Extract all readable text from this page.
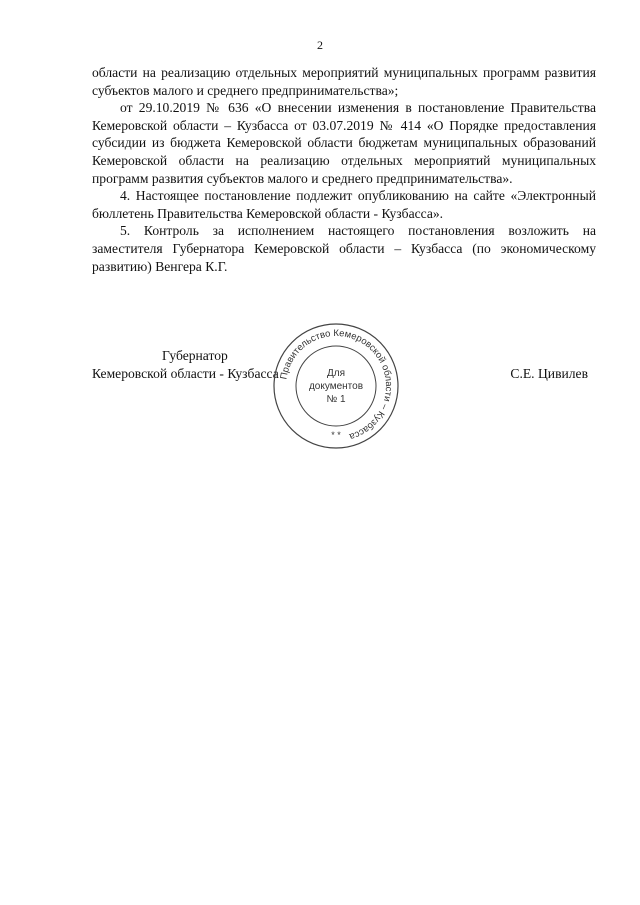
2

области на реализацию отдельных мероприятий муниципальных программ развития субъектов малого и среднего предпринимательства»;

от 29.10.2019 № 636 «О внесении изменения в постановление Правительства Кемеровской области – Кузбасса от 03.07.2019 № 414 «О Порядке предоставления субсидии из бюджета Кемеровской области бюджетам муниципальных образований Кемеровской области на реализацию отдельных мероприятий муниципальных программ развития субъектов малого и среднего предпринимательства».

4. Настоящее постановление подлежит опубликованию на сайте «Электронный бюллетень Правительства Кемеровской области - Кузбасса».

5. Контроль за исполнением настоящего постановления возложить на заместителя Губернатора Кемеровской области – Кузбасса (по экономическому развитию) Венгера К.Г.

Губернатор
Кемеровской области - Кузбасса	С.Е. Цивилев
Правительство Кемеровской области – Кузбасса
Для
документов
№ 1
* *
